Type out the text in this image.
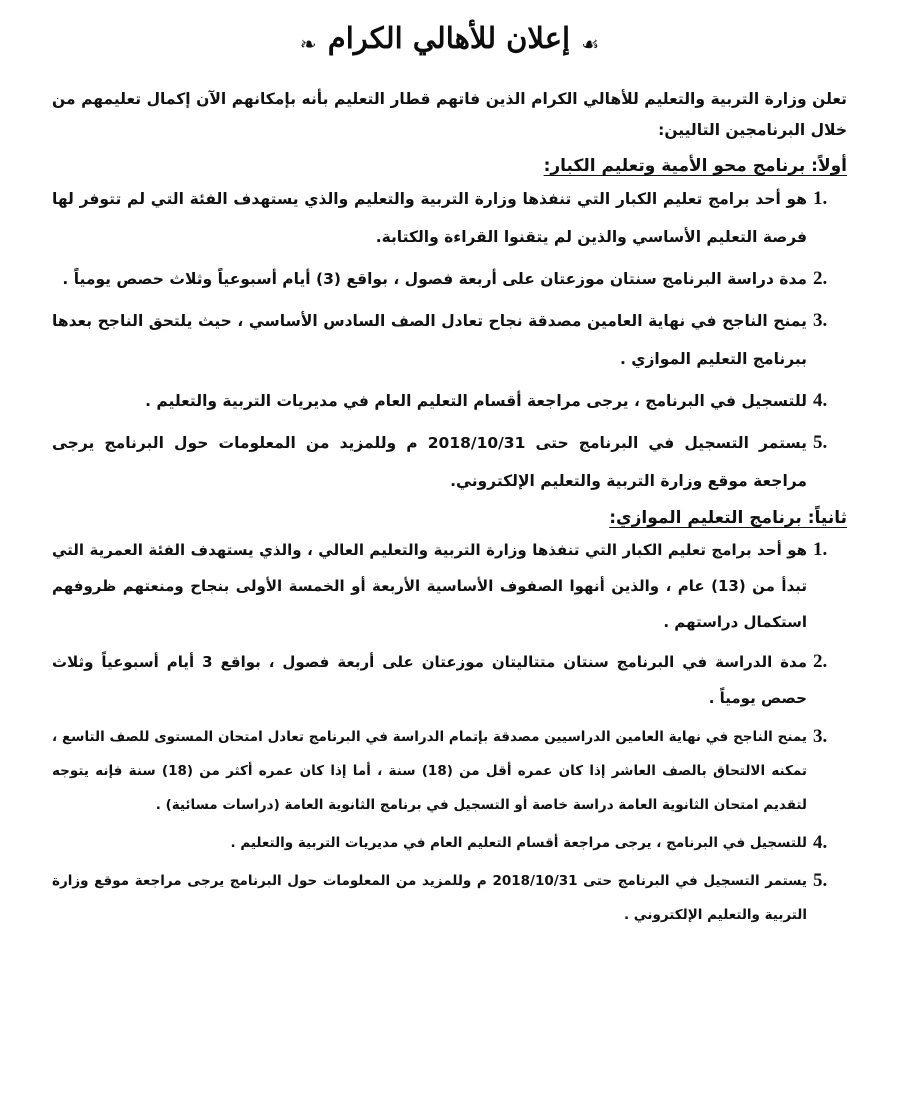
☙ إعلان للأهالي الكرام ❧

تعلن وزارة التربية والتعليم للأهالي الكرام الذين فاتهم قطار التعليم بأنه بإمكانهم الآن إكمال تعليمهم من خلال البرنامجين التاليين:

أولاً: برنامج محو الأمية وتعليم الكبار:
1.
هو أحد برامج تعليم الكبار التي تنفذها وزارة التربية والتعليم والذي يستهدف الفئة التي لم تتوفر لها فرصة التعليم الأساسي والذين لم يتقنوا القراءة والكتابة.
2.
مدة دراسة البرنامج سنتان موزعتان على أربعة فصول ، بواقع (3) أيام أسبوعياً وثلاث حصص يومياً .
3.
يمنح الناجح في نهاية العامين مصدقة نجاح تعادل الصف السادس الأساسي ، حيث يلتحق الناجح بعدها ببرنامج التعليم الموازي .
4.
للتسجيل في البرنامج ، يرجى مراجعة أقسام التعليم العام في مديريات التربية والتعليم .
5.
يستمر التسجيل في البرنامج حتى 2018/10/31 م وللمزيد من المعلومات حول البرنامج يرجى مراجعة موقع وزارة التربية والتعليم الإلكتروني.
ثانياً: برنامج التعليم الموازي:
1.
هو أحد برامج تعليم الكبار التي تنفذها وزارة التربية والتعليم العالي ، والذي يستهدف الفئة العمرية التي تبدأ من (13) عام ، والذين أنهوا الصفوف الأساسية الأربعة أو الخمسة الأولى بنجاح ومنعتهم ظروفهم استكمال دراستهم .
2.
مدة الدراسة في البرنامج سنتان متتاليتان موزعتان على أربعة فصول ، بواقع 3 أيام أسبوعياً وثلاث حصص يومياً .
3.
يمنح الناجح في نهاية العامين الدراسيين مصدقة بإتمام الدراسة في البرنامج تعادل امتحان المستوى للصف التاسع ، تمكنه الالتحاق بالصف العاشر إذا كان عمره أقل من (18) سنة ، أما إذا كان عمره أكثر من (18) سنة فإنه يتوجه لتقديم امتحان الثانوية العامة دراسة خاصة أو التسجيل في برنامج الثانوية العامة (دراسات مسائية) .
4.
للتسجيل في البرنامج ، يرجى مراجعة أقسام التعليم العام في مديريات التربية والتعليم .
5.
يستمر التسجيل في البرنامج حتى 2018/10/31 م وللمزيد من المعلومات حول البرنامج يرجى مراجعة موقع وزارة التربية والتعليم الإلكتروني .
